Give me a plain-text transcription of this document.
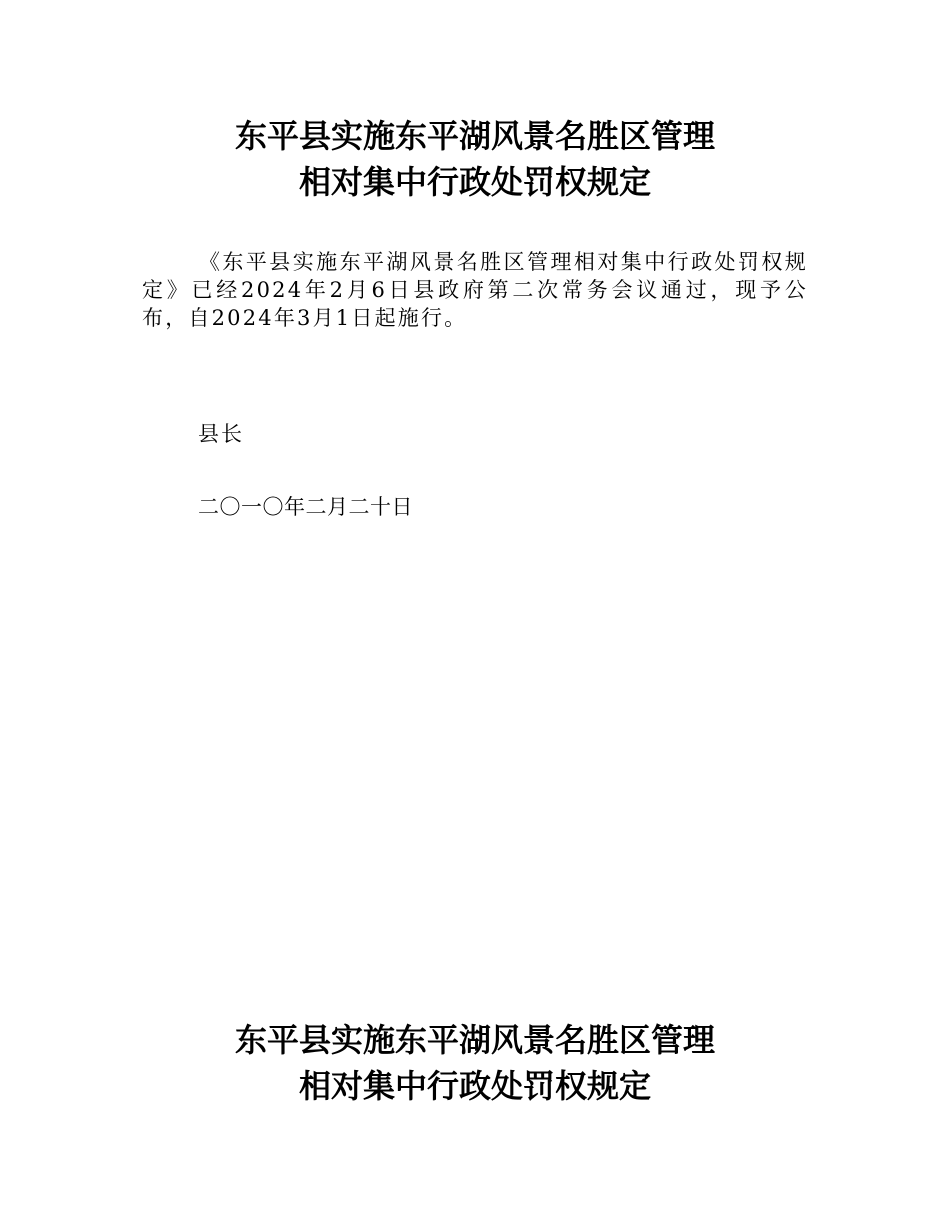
东平县实施东平湖风景名胜区管理
相对集中行政处罚权规定

《东平县实施东平湖风景名胜区管理相对集中行政处罚权规定》已经2024年2月6日县政府第二次常务会议通过，现予公布，自2024年3月1日起施行。

县长

二〇一〇年二月二十日

东平县实施东平湖风景名胜区管理
相对集中行政处罚权规定
